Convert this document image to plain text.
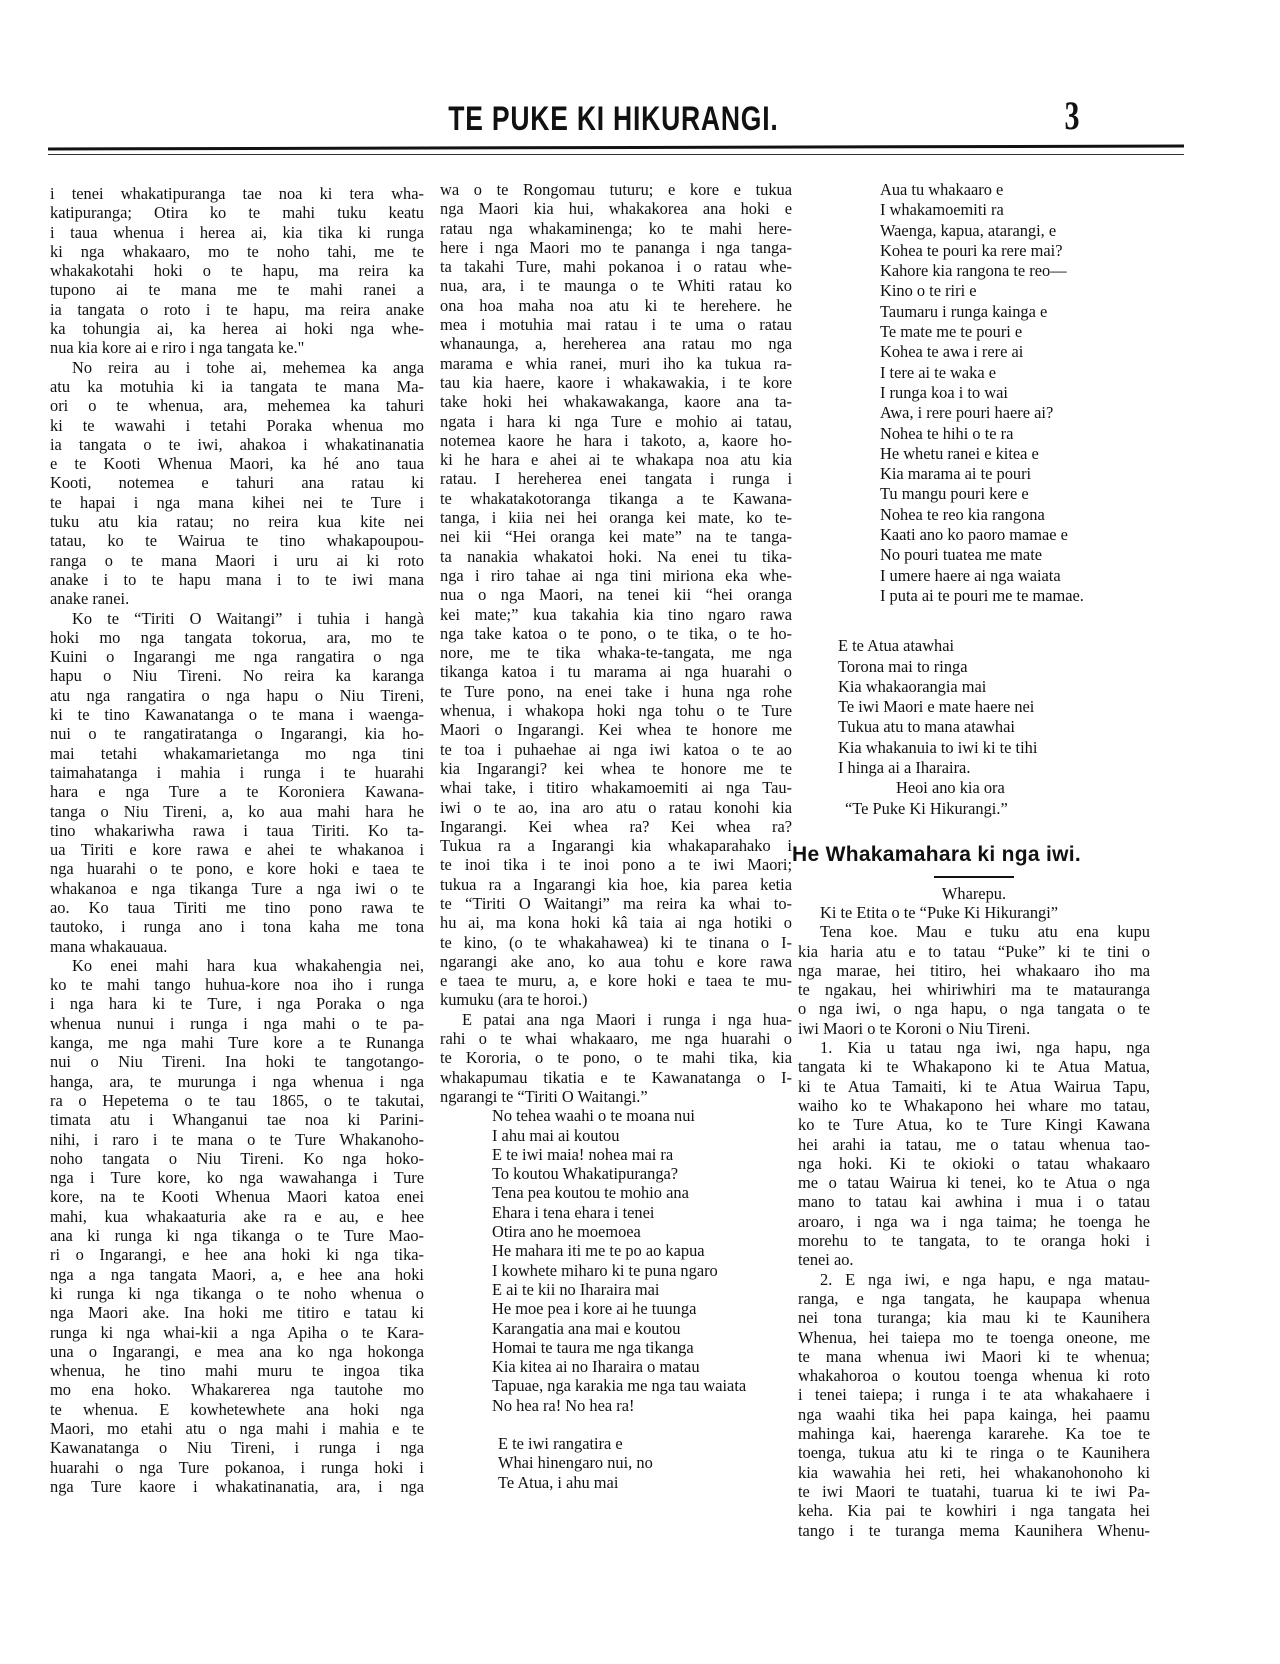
TE PUKE KI HIKURANGI.	3
i tenei whakatipuranga tae noa ki tera wha-
katipuranga; Otira ko te mahi tuku keatu
i taua whenua i herea ai, kia tika ki runga
ki nga whakaaro, mo te noho tahi, me te
whakakotahi hoki o te hapu, ma reira ka
tupono ai te mana me te mahi ranei a
ia tangata o roto i te hapu, ma reira anake
ka tohungia ai, ka herea ai hoki nga whe-
nua kia kore ai e riro i nga tangata ke."
No reira au i tohe ai, mehemea ka anga
atu ka motuhia ki ia tangata te mana Ma-
ori o te whenua, ara, mehemea ka tahuri
ki te wawahi i tetahi Poraka whenua mo
ia tangata o te iwi, ahakoa i whakatinanatia
e te Kooti Whenua Maori, ka hé ano taua
Kooti, notemea e tahuri ana ratau ki
te hapai i nga mana kihei nei te Ture i
tuku atu kia ratau; no reira kua kite nei
tatau, ko te Wairua te tino whakapoupou-
ranga o te mana Maori i uru ai ki roto
anake i to te hapu mana i to te iwi mana
anake ranei.
Ko te “Tiriti O Waitangi” i tuhia i hangà
hoki mo nga tangata tokorua, ara, mo te
Kuini o Ingarangi me nga rangatira o nga
hapu o Niu Tireni. No reira ka karanga
atu nga rangatira o nga hapu o Niu Tireni,
ki te tino Kawanatanga o te mana i waenga-
nui o te rangatiratanga o Ingarangi, kia ho-
mai tetahi whakamarietanga mo nga tini
taimahatanga i mahia i runga i te huarahi
hara e nga Ture a te Koroniera Kawana-
tanga o Niu Tireni, a, ko aua mahi hara he
tino whakariwha rawa i taua Tiriti. Ko ta-
ua Tiriti e kore rawa e ahei te whakanoa i
nga huarahi o te pono, e kore hoki e taea te
whakanoa e nga tikanga Ture a nga iwi o te
ao. Ko taua Tiriti me tino pono rawa te
tautoko, i runga ano i tona kaha me tona
mana whakauaua.
Ko enei mahi hara kua whakahengia nei,
ko te mahi tango huhua-kore noa iho i runga
i nga hara ki te Ture, i nga Poraka o nga
whenua nunui i runga i nga mahi o te pa-
kanga, me nga mahi Ture kore a te Runanga
nui o Niu Tireni. Ina hoki te tangotango-
hanga, ara, te murunga i nga whenua i nga
ra o Hepetema o te tau 1865, o te takutai,
timata atu i Whanganui tae noa ki Parini-
nihi, i raro i te mana o te Ture Whakanoho-
noho tangata o Niu Tireni. Ko nga hoko-
nga i Ture kore, ko nga wawahanga i Ture
kore, na te Kooti Whenua Maori katoa enei
mahi, kua whakaaturia ake ra e au, e hee
ana ki runga ki nga tikanga o te Ture Mao-
ri o Ingarangi, e hee ana hoki ki nga tika-
nga a nga tangata Maori, a, e hee ana hoki
ki runga ki nga tikanga o te noho whenua o
nga Maori ake. Ina hoki me titiro e tatau ki
runga ki nga whai-kii a nga Apiha o te Kara-
una o Ingarangi, e mea ana ko nga hokonga
whenua, he tino mahi muru te ingoa tika
mo ena hoko. Whakarerea nga tautohe mo
te whenua. E kowhetewhete ana hoki nga
Maori, mo etahi atu o nga mahi i mahia e te
Kawanatanga o Niu Tireni, i runga i nga
huarahi o nga Ture pokanoa, i runga hoki i
nga Ture kaore i whakatinanatia, ara, i nga
wa o te Rongomau tuturu; e kore e tukua
nga Maori kia hui, whakakorea ana hoki e
ratau nga whakaminenga; ko te mahi here-
here i nga Maori mo te pananga i nga tanga-
ta takahi Ture, mahi pokanoa i o ratau whe-
nua, ara, i te maunga o te Whiti ratau ko
ona hoa maha noa atu ki te herehere. he
mea i motuhia mai ratau i te uma o ratau
whanaunga, a, hereherea ana ratau mo nga
marama e whia ranei, muri iho ka tukua ra-
tau kia haere, kaore i whakawakia, i te kore
take hoki hei whakawakanga, kaore ana ta-
ngata i hara ki nga Ture e mohio ai tatau,
notemea kaore he hara i takoto, a, kaore ho-
ki he hara e ahei ai te whakapa noa atu kia
ratau. I hereherea enei tangata i runga i
te whakatakotoranga tikanga a te Kawana-
tanga, i kiia nei hei oranga kei mate, ko te-
nei kii “Hei oranga kei mate” na te tanga-
ta nanakia whakatoi hoki. Na enei tu tika-
nga i riro tahae ai nga tini miriona eka whe-
nua o nga Maori, na tenei kii “hei oranga
kei mate;” kua takahia kia tino ngaro rawa
nga take katoa o te pono, o te tika, o te ho-
nore, me te tika whaka-te-tangata, me nga
tikanga katoa i tu marama ai nga huarahi o
te Ture pono, na enei take i huna nga rohe
whenua, i whakopa hoki nga tohu o te Ture
Maori o Ingarangi. Kei whea te honore me
te toa i puhaehae ai nga iwi katoa o te ao
kia Ingarangi? kei whea te honore me te
whai take, i titiro whakamoemiti ai nga Tau-
iwi o te ao, ina aro atu o ratau konohi kia
Ingarangi. Kei whea ra? Kei whea ra?
Tukua ra a Ingarangi kia whakaparahako i
te inoi tika i te inoi pono a te iwi Maori;
tukua ra a Ingarangi kia hoe, kia parea ketia
te “Tiriti O Waitangi” ma reira ka whai to-
hu ai, ma kona hoki kâ taia ai nga hotiki o
te kino, (o te whakahawea) ki te tinana o I-
ngarangi ake ano, ko aua tohu e kore rawa
e taea te muru, a, e kore hoki e taea te mu-
kumuku (ara te horoi.)
E patai ana nga Maori i runga i nga hua-
rahi o te whai whakaaro, me nga huarahi o
te Kororia, o te pono, o te mahi tika, kia
whakapumau tikatia e te Kawanatanga o I-
ngarangi te “Tiriti O Waitangi.”
No tehea waahi o te moana nui
I ahu mai ai koutou
E te iwi maia! nohea mai ra
To koutou Whakatipuranga?
Tena pea koutou te mohio ana
Ehara i tena ehara i tenei
Otira ano he moemoea
He mahara iti me te po ao kapua
I kowhete miharo ki te puna ngaro
E ai te kii no Iharaira mai
He moe pea i kore ai he tuunga
Karangatia ana mai e koutou
Homai te taura me nga tikanga
Kia kitea ai no Iharaira o matau
Tapuae, nga karakia me nga tau waiata
No hea ra! No hea ra!
E te iwi rangatira e
Whai hinengaro nui, no
Te Atua, i ahu mai
Aua tu whakaaro e
I whakamoemiti ra
Waenga, kapua, atarangi, e
Kohea te pouri ka rere mai?
Kahore kia rangona te reo—
Kino o te riri e
Taumaru i runga kainga e
Te mate me te pouri e
Kohea te awa i rere ai
I tere ai te waka e
I runga koa i to wai
Awa, i rere pouri haere ai?
Nohea te hihi o te ra
He whetu ranei e kitea e
Kia marama ai te pouri
Tu mangu pouri kere e
Nohea te reo kia rangona
Kaati ano ko paoro mamae e
No pouri tuatea me mate
I umere haere ai nga waiata
I puta ai te pouri me te mamae.
E te Atua atawhai
Torona mai to ringa
Kia whakaorangia mai
Te iwi Maori e mate haere nei
Tukua atu to mana atawhai
Kia whakanuia to iwi ki te tihi
I hinga ai a Iharaira.
Heoi ano kia ora
“Te Puke Ki Hikurangi.”
He Whakamahara ki nga iwi.
Wharepu.
Ki te Etita o te “Puke Ki Hikurangi”
Tena koe. Mau e tuku atu ena kupu
kia haria atu e to tatau “Puke” ki te tini o
nga marae, hei titiro, hei whakaaro iho ma
te ngakau, hei whiriwhiri ma te matauranga
o nga iwi, o nga hapu, o nga tangata o te
iwi Maori o te Koroni o Niu Tireni.
1. Kia u tatau nga iwi, nga hapu, nga
tangata ki te Whakapono ki te Atua Matua,
ki te Atua Tamaiti, ki te Atua Wairua Tapu,
waiho ko te Whakapono hei whare mo tatau,
ko te Ture Atua, ko te Ture Kingi Kawana
hei arahi ia tatau, me o tatau whenua tao-
nga hoki. Ki te okioki o tatau whakaaro
me o tatau Wairua ki tenei, ko te Atua o nga
mano to tatau kai awhina i mua i o tatau
aroaro, i nga wa i nga taima; he toenga he
morehu to te tangata, to te oranga hoki i
tenei ao.
2. E nga iwi, e nga hapu, e nga matau-
ranga, e nga tangata, he kaupapa whenua
nei tona turanga; kia mau ki te Kaunihera
Whenua, hei taiepa mo te toenga oneone, me
te mana whenua iwi Maori ki te whenua;
whakahoroa o koutou toenga whenua ki roto
i tenei taiepa; i runga i te ata whakahaere i
nga waahi tika hei papa kainga, hei paamu
mahinga kai, haerenga kararehe. Ka toe te
toenga, tukua atu ki te ringa o te Kaunihera
kia wawahia hei reti, hei whakanohonoho ki
te iwi Maori te tuatahi, tuarua ki te iwi Pa-
keha. Kia pai te kowhiri i nga tangata hei
tango i te turanga mema Kaunihera Whenu-
